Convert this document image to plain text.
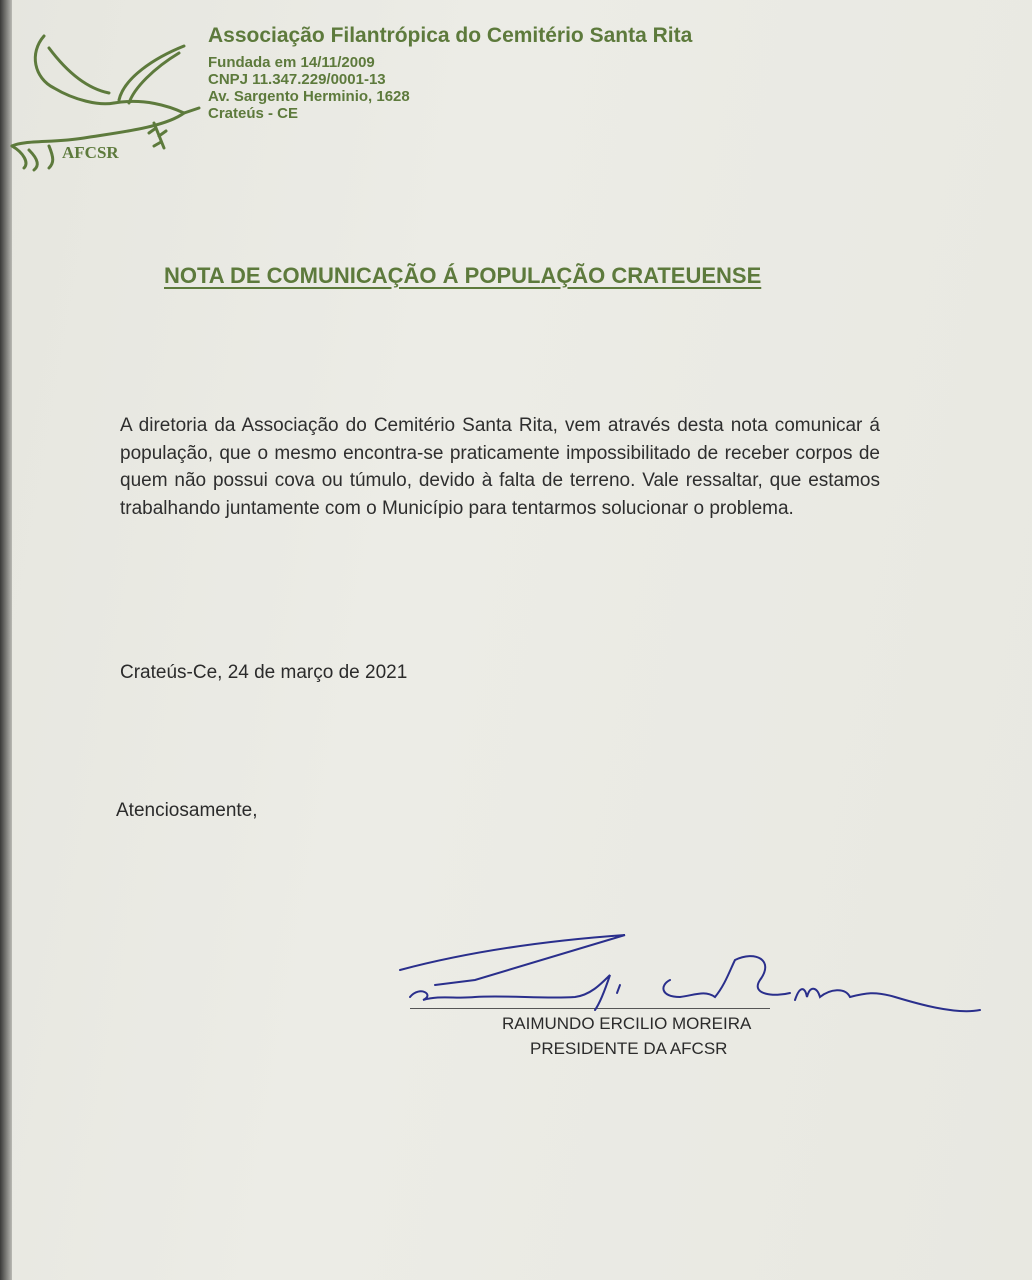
AFCSR
Associação Filantrópica do Cemitério Santa Rita
Fundada em 14/11/2009
CNPJ 11.347.229/0001-13
Av. Sargento Herminio, 1628
Crateús - CE
NOTA DE COMUNICAÇÃO Á POPULAÇÃO CRATEUENSE
A diretoria da Associação do Cemitério Santa Rita, vem através desta nota comunicar á população, que o mesmo encontra-se praticamente impossibilitado de receber corpos de quem não possui cova ou túmulo, devido à falta de terreno. Vale ressaltar, que estamos trabalhando juntamente com o Município para tentarmos solucionar o problema.
Crateús-Ce, 24 de março de 2021
Atenciosamente,
RAIMUNDO ERCILIO MOREIRA
PRESIDENTE DA AFCSR
